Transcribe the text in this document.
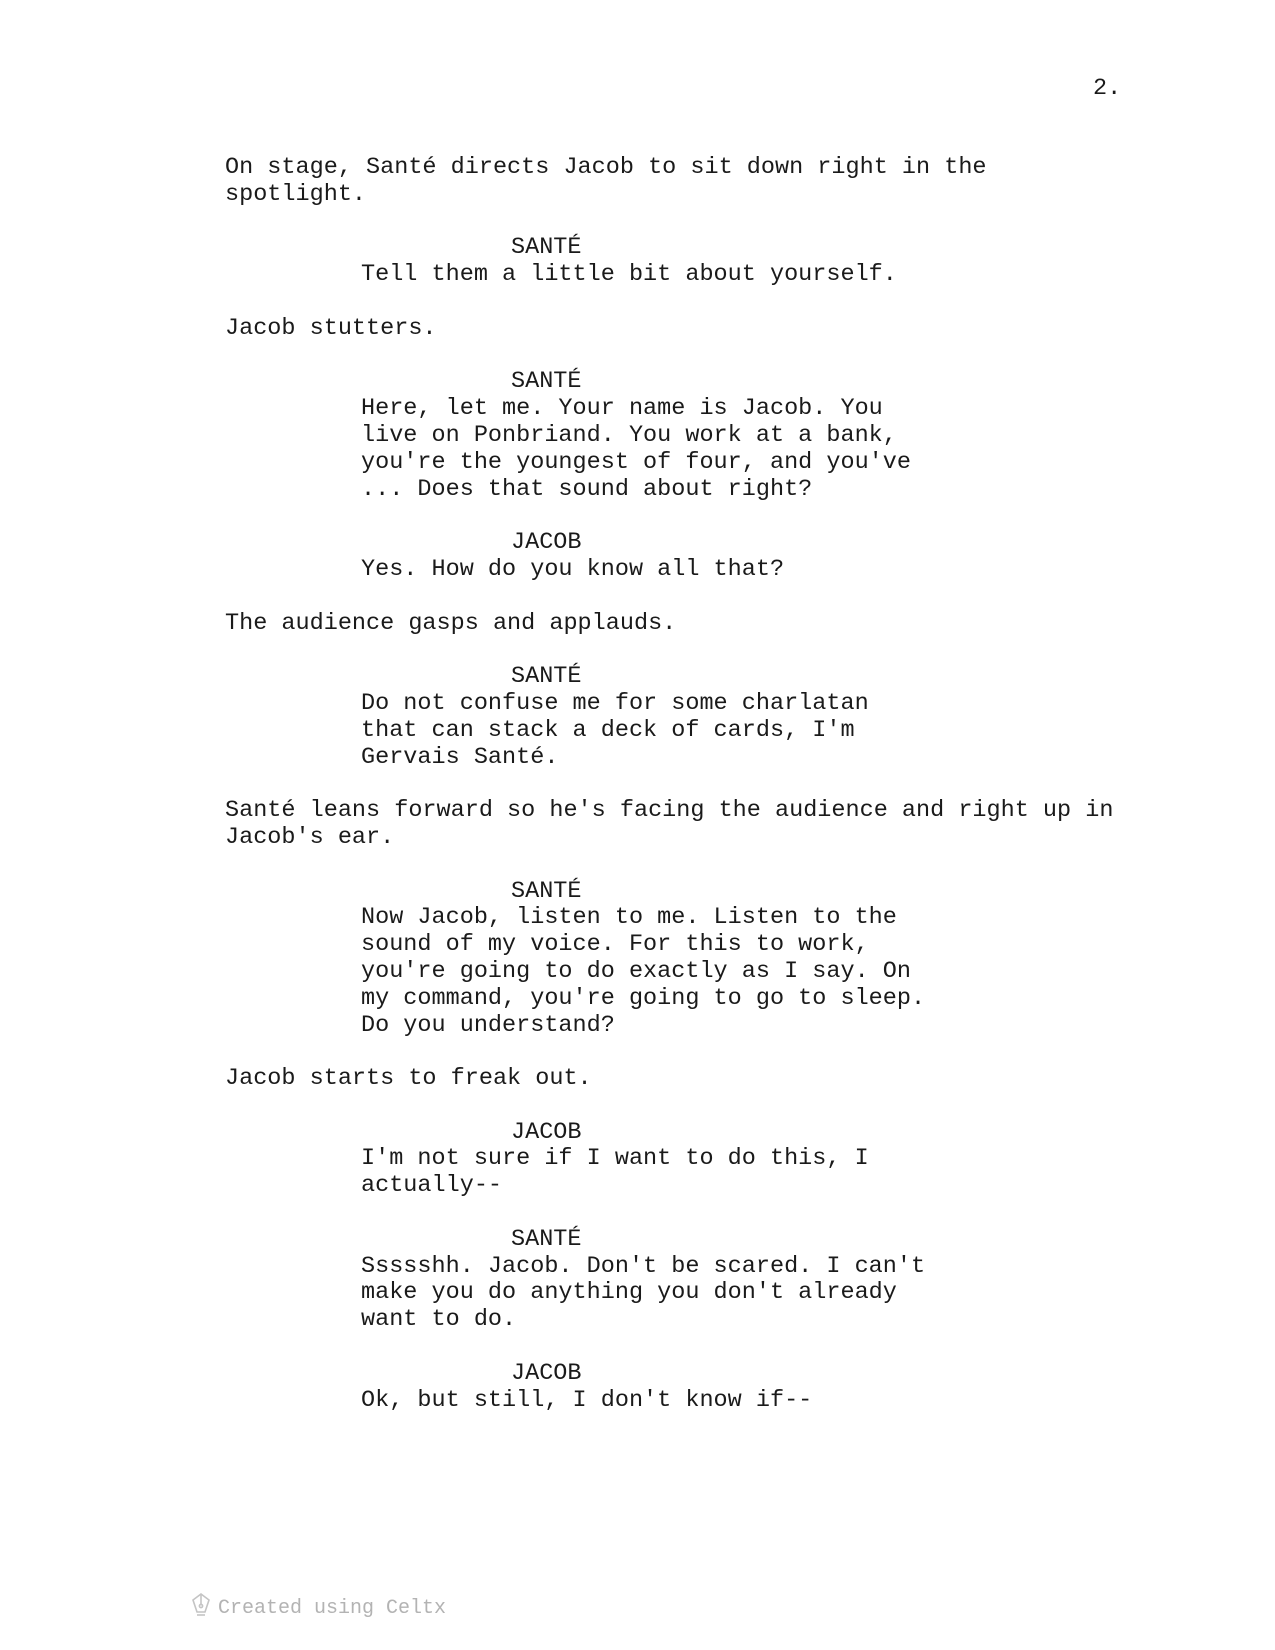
2.
On stage, Santé directs Jacob to sit down right in the spotlight.
SANTÉ
Tell them a little bit about yourself.
Jacob stutters.
SANTÉ
Here, let me. Your name is Jacob. You live on Ponbriand. You work at a bank, you're the youngest of four, and you've ... Does that sound about right?
JACOB
Yes. How do you know all that?
The audience gasps and applauds.
SANTÉ
Do not confuse me for some charlatan that can stack a deck of cards, I'm Gervais Santé.
Santé leans forward so he's facing the audience and right up in Jacob's ear.
SANTÉ
Now Jacob, listen to me. Listen to the sound of my voice. For this to work, you're going to do exactly as I say. On my command, you're going to go to sleep. Do you understand?
Jacob starts to freak out.
JACOB
I'm not sure if I want to do this, I actually--
SANTÉ
Ssssshh. Jacob. Don't be scared. I can't make you do anything you don't already want to do.
JACOB
Ok, but still, I don't know if--
Created using Celtx
